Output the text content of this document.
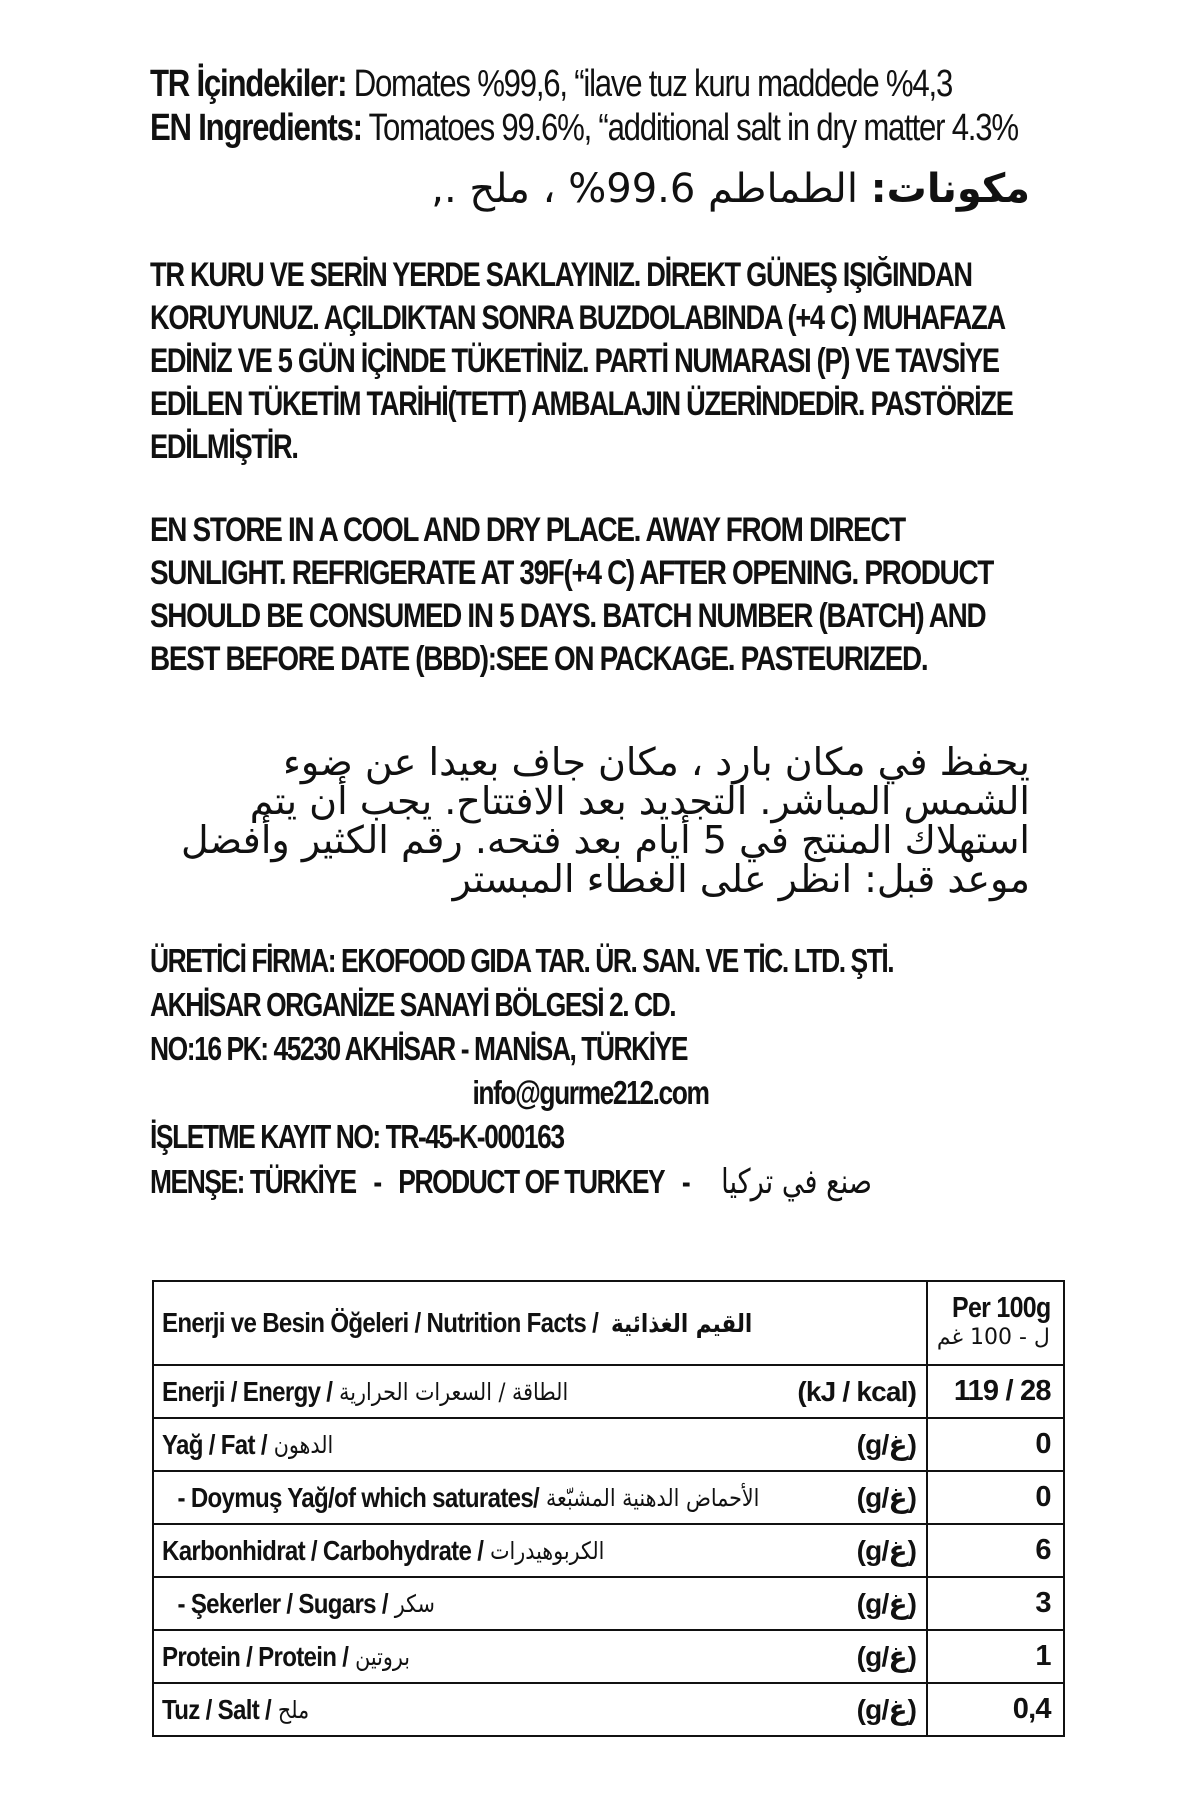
TR İçindekiler: Domates %99,6, “ilave tuz kuru maddede %4,3
EN Ingredients: Tomatoes 99.6%, “additional salt in dry matter 4.3%
مكونات: الطماطم 99.6% ، ملح .,
TR KURU VE SERİN YERDE SAKLAYINIZ. DİREKT GÜNEŞ IŞIĞINDAN
KORUYUNUZ. AÇILDIKTAN SONRA BUZDOLABINDA (+4 C) MUHAFAZA
EDİNİZ VE 5 GÜN İÇİNDE TÜKETİNİZ. PARTİ NUMARASI (P) VE TAVSİYE
EDİLEN TÜKETİM TARİHİ(TETT) AMBALAJIN ÜZERİNDEDİR. PASTÖRİZE
EDİLMİŞTİR.
EN STORE IN A COOL AND DRY PLACE. AWAY FROM DIRECT
SUNLIGHT. REFRIGERATE AT 39F(+4 C) AFTER OPENING. PRODUCT
SHOULD BE CONSUMED IN 5 DAYS. BATCH NUMBER (BATCH) AND
BEST BEFORE DATE (BBD):SEE ON PACKAGE. PASTEURIZED.
يحفظ في مكان بارد ، مكان جاف بعيدا عن ضوء
الشمس المباشر. التجديد بعد الافتتاح. يجب أن يتم
استهلاك المنتج في 5 أيام بعد فتحه. رقم الكثير وأفضل
موعد قبل: انظر على الغطاء المبستر
ÜRETİCİ FİRMA: EKOFOOD GIDA TAR. ÜR. SAN. VE TİC. LTD. ŞTİ.
AKHİSAR ORGANİZE SANAYİ BÖLGESİ 2. CD.
NO:16 PK: 45230 AKHİSAR - MANİSA, TÜRKİYE
info@gurme212.com
İŞLETME KAYIT NO: TR-45-K-000163
MENŞE: TÜRKİYE - PRODUCT OF TURKEY - صنع في تركيا
Enerji ve Besin Öğeleri / Nutrition Facts / القيم الغذائية	Per 100g
ل - 100 غم

Enerji / Energy / الطاقة / السعرات الحرارية (kJ / kcal)	119 / 28

Yağ / Fat / الدهون (g/غ)	0

- Doymuş Yağ/of which saturates/ الأحماض الدهنية المشبّعة (g/غ)	0

Karbonhidrat / Carbohydrate / الكربوهيدرات (g/غ)	6

- Şekerler / Sugars / سكر (g/غ)	3

Protein / Protein / بروتين (g/غ)	1

Tuz / Salt / ملح (g/غ)	0,4
